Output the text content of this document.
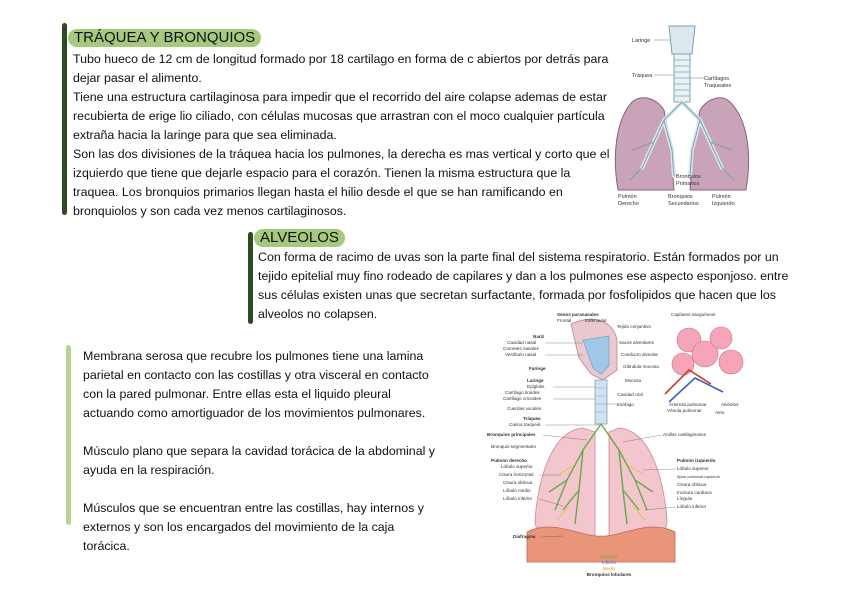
TRÁQUEA Y BRONQUIOS

Tubo hueco de 12 cm de longitud formado por 18 cartilago en forma de c abiertos por detrás para dejar pasar el alimento.

Tiene una estructura cartilaginosa para impedir que el recorrido del aire colapse ademas de estar recubierta de erige lio ciliado, con células mucosas que arrastran con el moco cualquier partícula extraña hacia la laringe para que sea eliminada.

Son las dos divisiones de la tráquea hacia los pulmones, la derecha es mas vertical y corto que el izquierdo que tiene que dejarle espacio para el corazón. Tienen la misma estructura que la traquea. Los bronquios primarios llegan hasta el hilio desde el que se han ramificando en bronquiolos y son cada vez menos cartilaginosos.

ALVEOLOS

Con forma de racimo de uvas son la parte final del sistema respiratorio. Están formados por un tejido epitelial muy fino rodeado de capilares y dan a los pulmones ese aspecto esponjoso. entre sus células existen unas que secretan surfactante, formada por fosfolipidos que hacen que los alveolos no colapsen.

Membrana serosa que recubre los pulmones tiene una lamina parietal en contacto con las costillas y otra visceral en contacto con la pared pulmonar. Entre ellas esta el liquido pleural actuando como amortiguador de los movimientos pulmonares.

Músculo plano que separa la cavidad torácica de la abdominal y ayuda en la respiración.

Músculos que se encuentran entre las costillas, hay internos y externos y son los encargados del movimiento de la caja torácica.

Laringe
Tráquea	Cartílagos
Traqueales
Bronquios
Primarios
Pulmón
Derecho
Bronquios
Secundarios
Pulmón
Izquierdo
Senos paranasales
Frontal	Esfenoidal
Nariz
Cavidad nasal
Cornetes nasales
Vestíbulo nasal
Faringe
Laringe
Epiglotis
Cartílago tiroides
Cartílago cricoides
Cuerdas vocales
Tráquea
Carina traqueal
Bronquios principales
Bronquio segmentario
Pulmón derecho
Lóbulo superior
Cisura horizontal
Cisura oblicua
Lóbulo medio
Lóbulo inferior
Diafragma
Capilares sanguíneos
Tejido conjuntivo
Sacos alveolares
Conducto alveolar
Glándula mucosa
Mucosa
Cavidad oral
Esófago	Arteriola pulmonar
Vénula pulmonar
Alvéolos
Atrio
Anillos cartilaginosos
Pulmón izquierdo
Lóbulo superior
Ápice pulmonar izquierdo
Cisura oblicua
Incisura cardiaca
Língula
Lóbulo inferior
Superior
Inferior
Medio
Bronquios lobulares
